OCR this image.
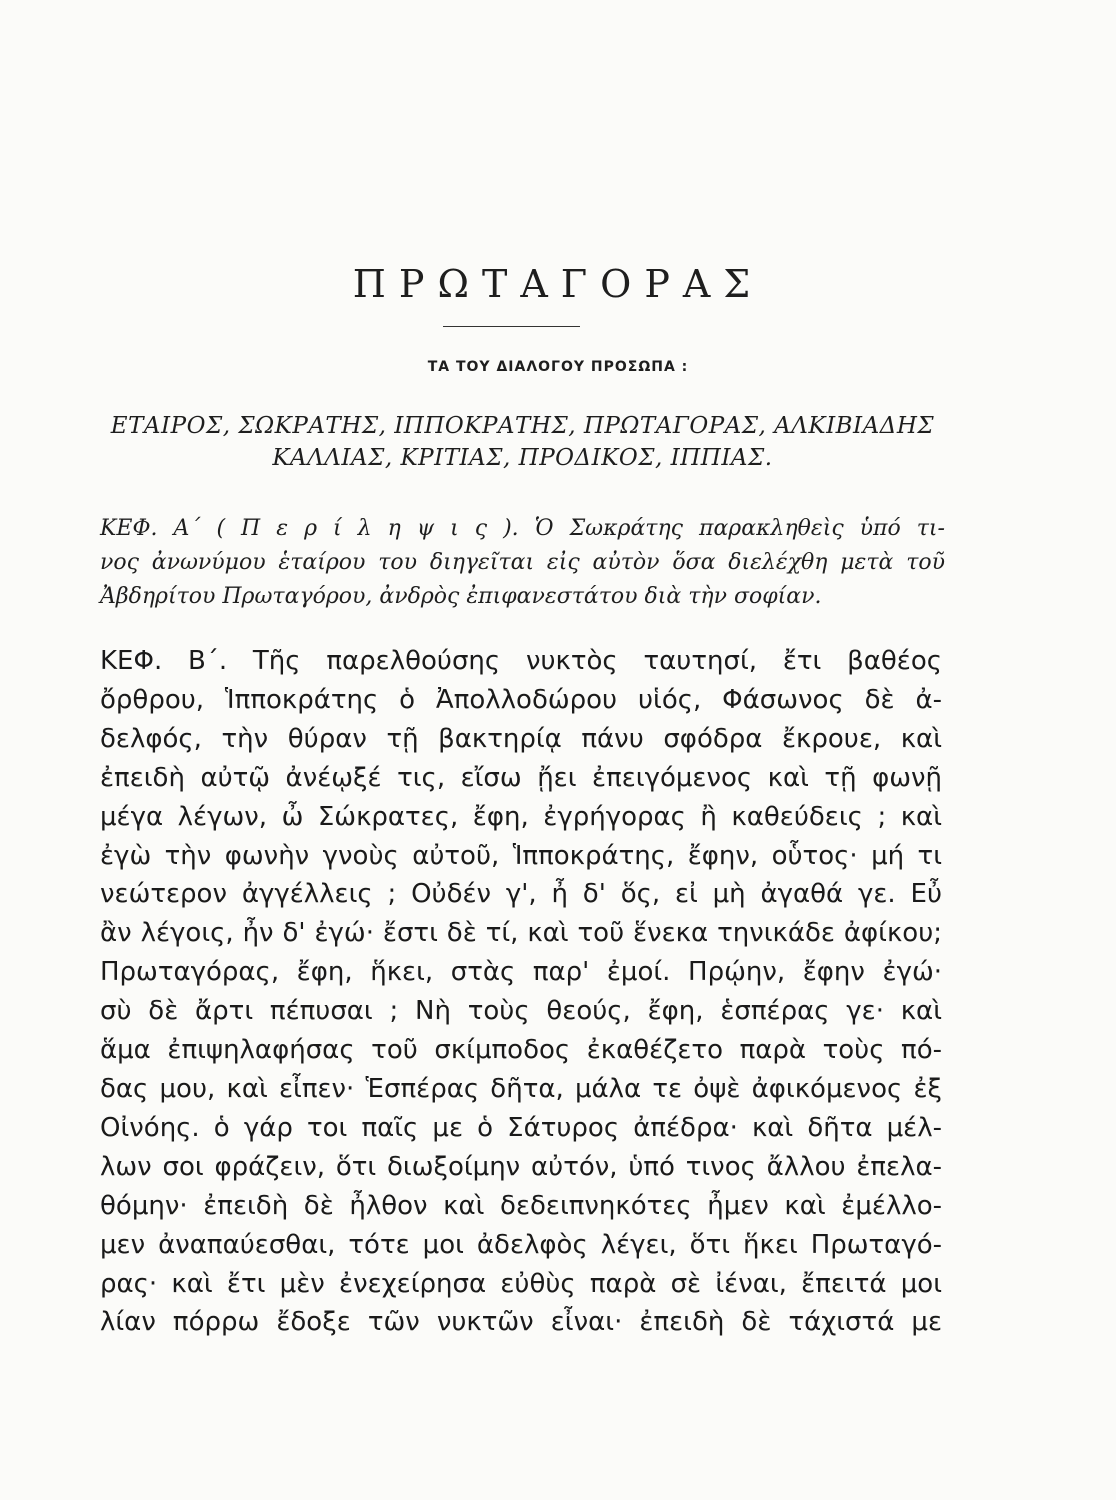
ΠΡΩΤΑΓΟΡΑΣ
ΤΑ ΤΟΥ ΔΙΑΛΟΓΟΥ ΠΡΟΣΩΠΑ :
ΕΤΑΙΡΟΣ, ΣΩΚΡΑΤΗΣ, ΙΠΠΟΚΡΑΤΗΣ, ΠΡΩΤΑΓΟΡΑΣ, ΑΛΚΙΒΙΑΔΗΣ
ΚΑΛΛΙΑΣ, ΚΡΙΤΙΑΣ, ΠΡΟΔΙΚΟΣ, ΙΠΠΙΑΣ.
ΚΕΦ. Α΄ ( Π ε ρ ί λ η ψ ι ς ). Ὁ Σωκράτης παρακληθεὶς ὑπό τι-
νος ἀνωνύμου ἑταίρου του διηγεῖται εἰς αὐτὸν ὅσα διελέχθη μετὰ τοῦ
Ἀβδηρίτου Πρωταγόρου, ἀνδρὸς ἐπιφανεστάτου διὰ τὴν σοφίαν.
ΚΕΦ. Β΄. Τῆς παρελθούσης νυκτὸς ταυτησί, ἔτι βαθέος
ὄρθρου, Ἱπποκράτης ὁ Ἀπολλοδώρου υἱός, Φάσωνος δὲ ἀ-
δελφός, τὴν θύραν τῇ βακτηρίᾳ πάνυ σφόδρα ἔκρουε, καὶ
ἐπειδὴ αὐτῷ ἀνέῳξέ τις, εἴσω ᾔει ἐπειγόμενος καὶ τῇ φωνῇ
μέγα λέγων, ὦ Σώκρατες, ἔφη, ἐγρήγορας ἢ καθεύδεις ; καὶ
ἐγὼ τὴν φωνὴν γνοὺς αὐτοῦ, Ἱπποκράτης, ἔφην, οὗτος· μή τι
νεώτερον ἀγγέλλεις ; Οὐδέν γ', ἦ δ' ὅς, εἰ μὴ ἀγαθά γε. Εὖ
ἂν λέγοις, ἦν δ' ἐγώ· ἔστι δὲ τί, καὶ τοῦ ἕνεκα τηνικάδε ἀφίκου;
Πρωταγόρας, ἔφη, ἥκει, στὰς παρ' ἐμοί. Πρῴην, ἔφην ἐγώ·
σὺ δὲ ἄρτι πέπυσαι ; Νὴ τοὺς θεούς, ἔφη, ἑσπέρας γε· καὶ
ἅμα ἐπιψηλαφήσας τοῦ σκίμποδος ἐκαθέζετο παρὰ τοὺς πό-
δας μου, καὶ εἶπεν· Ἑσπέρας δῆτα, μάλα τε ὀψὲ ἀφικόμενος ἐξ
Οἰνόης. ὁ γάρ τοι παῖς με ὁ Σάτυρος ἀπέδρα· καὶ δῆτα μέλ-
λων σοι φράζειν, ὅτι διωξοίμην αὐτόν, ὑπό τινος ἄλλου ἐπελα-
θόμην· ἐπειδὴ δὲ ἦλθον καὶ δεδειπνηκότες ἦμεν καὶ ἐμέλλο-
μεν ἀναπαύεσθαι, τότε μοι ἀδελφὸς λέγει, ὅτι ἥκει Πρωταγό-
ρας· καὶ ἔτι μὲν ἐνεχείρησα εὐθὺς παρὰ σὲ ἰέναι, ἔπειτά μοι
λίαν πόρρω ἔδοξε τῶν νυκτῶν εἶναι· ἐπειδὴ δὲ τάχιστά με
